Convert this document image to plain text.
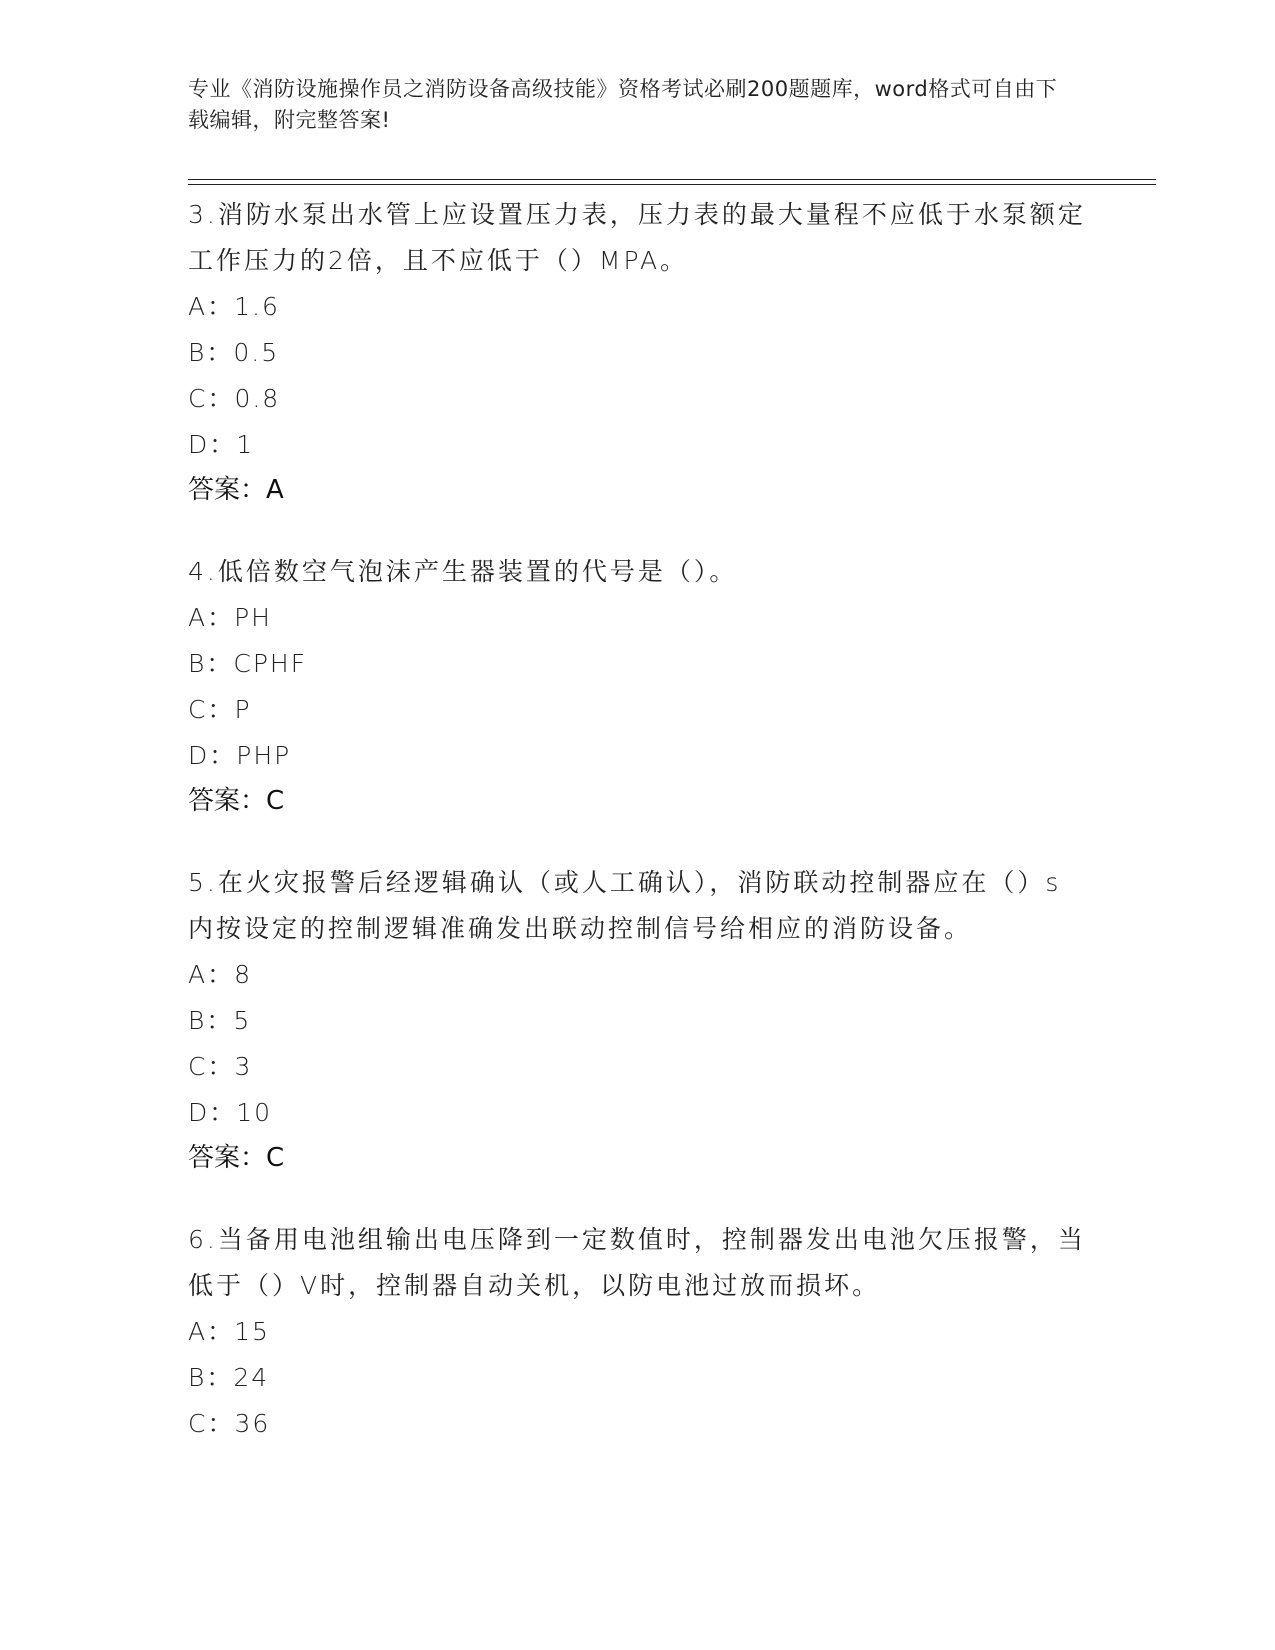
专业《消防设施操作员之消防设备高级技能》资格考试必刷200题题库，word格式可自由下载编辑，附完整答案!
3.消防水泵出水管上应设置压力表，压力表的最大量程不应低于水泵额定工作压力的2倍，且不应低于（）MPA。
A：1.6
B：0.5
C：0.8
D：1
答案：A
4.低倍数空气泡沫产生器装置的代号是（）。
A：PH
B：CPHF
C：P
D：PHP
答案：C
5.在火灾报警后经逻辑确认（或人工确认），消防联动控制器应在（）s内按设定的控制逻辑准确发出联动控制信号给相应的消防设备。
A：8
B：5
C：3
D：10
答案：C
6.当备用电池组输出电压降到一定数值时，控制器发出电池欠压报警，当低于（）V时，控制器自动关机，以防电池过放而损坏。
A：15
B：24
C：36
